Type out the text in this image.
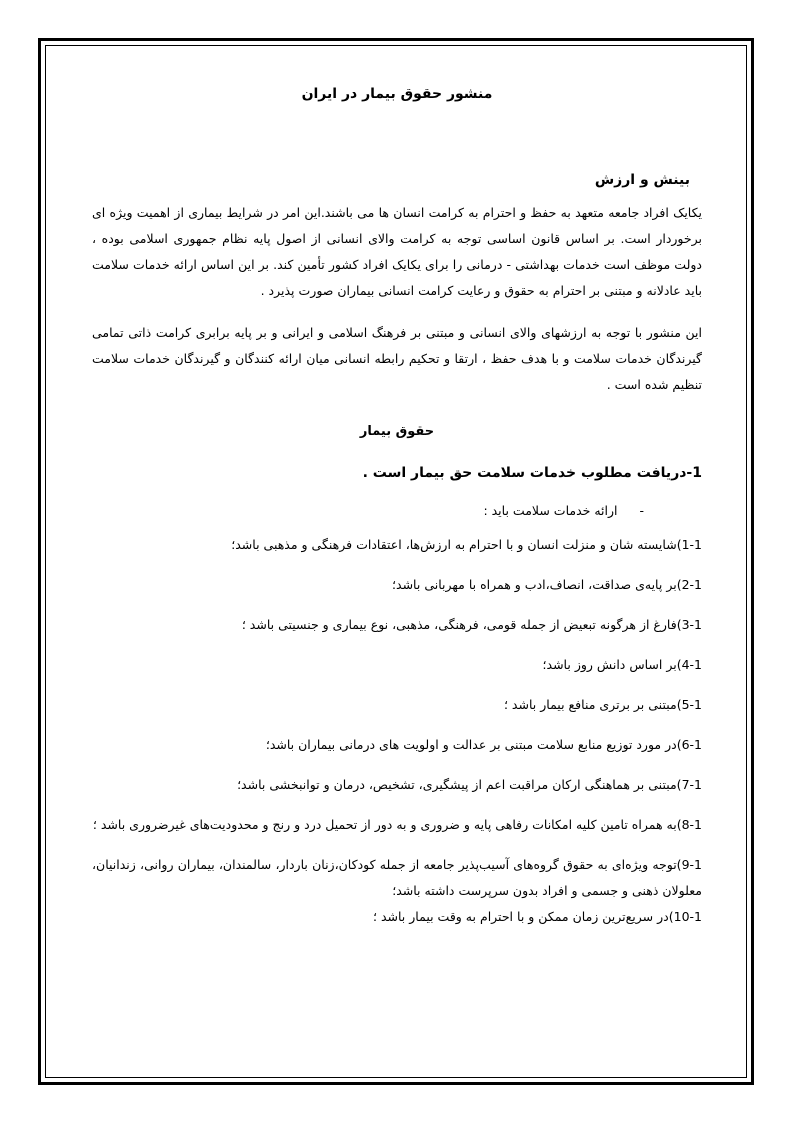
منشور حقوق بیمار در ایران
بینش و ارزش

یکایک افراد جامعه متعهد به حفظ و احترام به کرامت انسان ها می باشند.این امر در شرایط بیماری از اهمیت ویژه ای برخوردار است. بر اساس قانون اساسی توجه به کرامت والای انسانی از اصول پایه نظام جمهوری اسلامی بوده ، دولت موظف است خدمات بهداشتی - درمانی را برای یکایک افراد کشور تأمین کند. بر این اساس ارائه خدمات سلامت باید عادلانه و مبتنی بر احترام به حقوق و رعایت کرامت انسانی بیماران صورت پذیرد .

این منشور با توجه به ارزشهای والای انسانی و مبتنی بر فرهنگ اسلامی و ایرانی و بر پایه برابری کرامت ذاتی تمامی گیرندگان خدمات سلامت و با هدف حفظ ، ارتقا و تحکیم رابطه انسانی میان ارائه کنندگان و گیرندگان خدمات سلامت تنظیم شده است .

حقوق بیمار
1-دریافت مطلوب خدمات سلامت حق بیمار است .
- ارائه خدمات سلامت باید :

1-1)شایسته شان و منزلت انسان و با احترام به ارزش‌ها، اعتقادات فرهنگی و مذهبی باشد؛

2-1)بر پایه‌ی صداقت، انصاف،ادب و همراه با مهربانی باشد؛

3-1)فارغ از هرگونه تبعیض از جمله قومی، فرهنگی، مذهبی، نوع بیماری و جنسیتی باشد ؛

4-1)بر اساس دانش روز باشد؛

5-1)مبتنی بر برتری منافع بیمار باشد ؛

6-1)در مورد توزیع منابع سلامت مبتنی بر عدالت و اولویت های درمانی بیماران باشد؛

7-1)مبتنی بر هماهنگی ارکان مراقبت اعم از پیشگیری، تشخیص، درمان و توانبخشی باشد؛

8-1)به همراه تامین کلیه امکانات رفاهی پایه و ضروری و به دور از تحمیل درد و رنج و محدودیت‌های غیرضروری باشد ؛

9-1)توجه ویژه‌ای به حقوق گروه‌های آسیب‌پذیر جامعه از جمله کودکان،زنان باردار، سالمندان، بیماران روانی، زندانیان، معلولان ذهنی و جسمی و افراد بدون سرپرست داشته باشد؛

10-1)در سریع‌ترین زمان ممکن و با احترام به وقت بیمار باشد ؛
